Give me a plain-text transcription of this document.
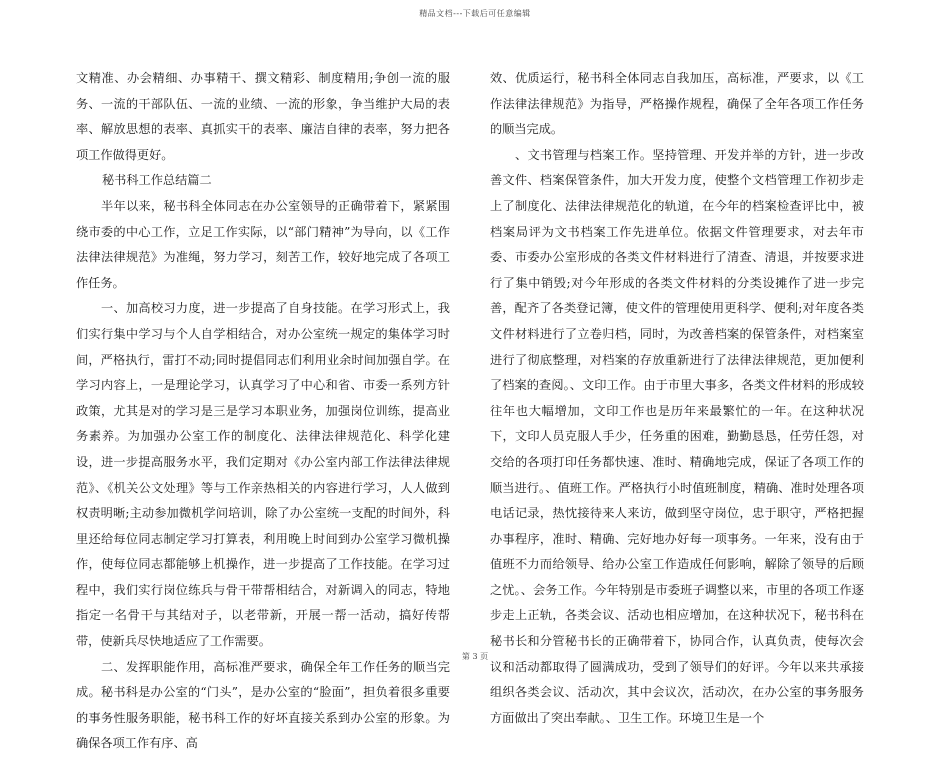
精品文档---下载后可任意编辑

文精准、办会精细、办事精干、撰文精彩、制度精用;争创一流的服务、一流的干部队伍、一流的业绩、一流的形象，争当维护大局的表率、解放思想的表率、真抓实干的表率、廉洁自律的表率，努力把各项工作做得更好。

秘书科工作总结篇二

半年以来，秘书科全体同志在办公室领导的正确带着下，紧紧围绕市委的中心工作，立足工作实际，以“部门精神”为导向，以《工作法律法律规范》为准绳，努力学习，刻苦工作，较好地完成了各项工作任务。

一、加高校习力度，进一步提高了自身技能。在学习形式上，我们实行集中学习与个人自学相结合，对办公室统一规定的集体学习时间，严格执行，雷打不动;同时提倡同志们利用业余时间加强自学。在学习内容上，一是理论学习，认真学习了中心和省、市委一系列方针政策，尤其是对的学习是三是学习本职业务，加强岗位训练，提高业务素养。为加强办公室工作的制度化、法律法律规范化、科学化建设，进一步提高服务水平，我们定期对《办公室内部工作法律法律规范》、《机关公文处理》等与工作亲热相关的内容进行学习，人人做到权责明晰;主动参加微机学问培训，除了办公室统一支配的时间外，科里还给每位同志制定学习打算表，利用晚上时间到办公室学习微机操作，使每位同志都能够上机操作，进一步提高了工作技能。在学习过程中，我们实行岗位练兵与骨干带帮相结合，对新调入的同志，特地指定一名骨干与其结对子，以老带新，开展一帮一活动，搞好传帮带，使新兵尽快地适应了工作需要。

二、发挥职能作用，高标准严要求，确保全年工作任务的顺当完成。秘书科是办公室的“门头”，是办公室的“脸面”，担负着很多重要的事务性服务职能，秘书科工作的好坏直接关系到办公室的形象。为确保各项工作有序、高

效、优质运行，秘书科全体同志自我加压，高标准，严要求，以《工作法律法律规范》为指导，严格操作规程，确保了全年各项工作任务的顺当完成。

、文书管理与档案工作。坚持管理、开发并举的方针，进一步改善文件、档案保管条件，加大开发力度，使整个文档管理工作初步走上了制度化、法律法律规范化的轨道，在今年的档案检查评比中，被档案局评为文书档案工作先进单位。依据文件管理要求，对去年市委、市委办公室形成的各类文件材料进行了清查、清退，并按要求进行了集中销毁;对今年形成的各类文件材料的分类设摊作了进一步完善，配齐了各类登记簿，使文件的管理使用更科学、便利;对年度各类文件材料进行了立卷归档，同时，为改善档案的保管条件，对档案室进行了彻底整理，对档案的存放重新进行了法律法律规范，更加便利了档案的查阅。、文印工作。由于市里大事多，各类文件材料的形成较往年也大幅增加，文印工作也是历年来最繁忙的一年。在这种状况下，文印人员克服人手少，任务重的困难，勤勤恳恳，任劳任怨，对交给的各项打印任务都快速、准时、精确地完成，保证了各项工作的顺当进行。、值班工作。严格执行小时值班制度，精确、准时处理各项电话记录，热忱接待来人来访，做到坚守岗位，忠于职守，严格把握办事程序，准时、精确、完好地办好每一项事务。一年来，没有由于值班不力而给领导、给办公室工作造成任何影响，解除了领导的后顾之忧。、会务工作。今年特别是市委班子调整以来，市里的各项工作逐步走上正轨，各类会议、活动也相应增加，在这种状况下，秘书科在秘书长和分管秘书长的正确带着下，协同合作，认真负责，使每次会议和活动都取得了圆满成功，受到了领导们的好评。今年以来共承接组织各类会议、活动次，其中会议次，活动次，在办公室的事务服务方面做出了突出奉献。、卫生工作。环境卫生是一个

第 3 页
